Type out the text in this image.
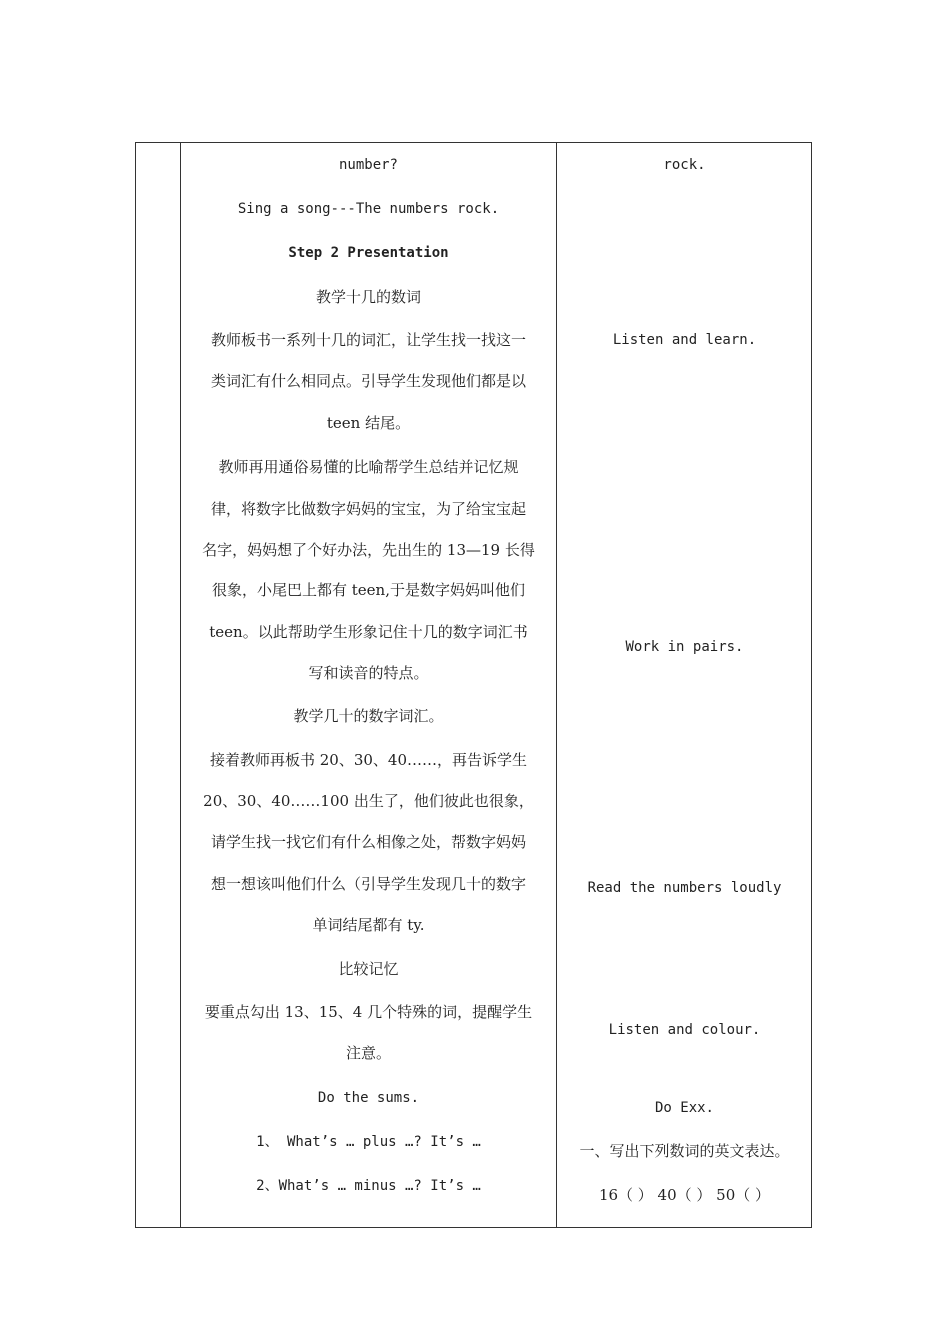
number?
Sing a song---The numbers rock.
Step 2 Presentation
教学十几的数词
教师板书一系列十几的词汇，让学生找一找这一
类词汇有什么相同点。引导学生发现他们都是以
teen 结尾。
教师再用通俗易懂的比喻帮学生总结并记忆规
律，将数字比做数字妈妈的宝宝，为了给宝宝起
名字，妈妈想了个好办法，先出生的 13—19 长得
很象，小尾巴上都有 teen,于是数字妈妈叫他们
teen。以此帮助学生形象记住十几的数字词汇书
写和读音的特点。
教学几十的数字词汇。
接着教师再板书 20、30、40……，再告诉学生
20、30、40……100 出生了，他们彼此也很象，
请学生找一找它们有什么相像之处，帮数字妈妈
想一想该叫他们什么（引导学生发现几十的数字
单词结尾都有 ty.
比较记忆
要重点勾出 13、15、4 几个特殊的词，提醒学生
注意。
Do the sums.
1、 What’s … plus …? It’s …
2、What’s … minus …? It’s …
rock.
Listen and learn.
Work in pairs.
Read the numbers loudly
Listen and colour.
Do Exx.
一、写出下列数词的英文表达。
16（ ） 40（ ） 50（ ）
